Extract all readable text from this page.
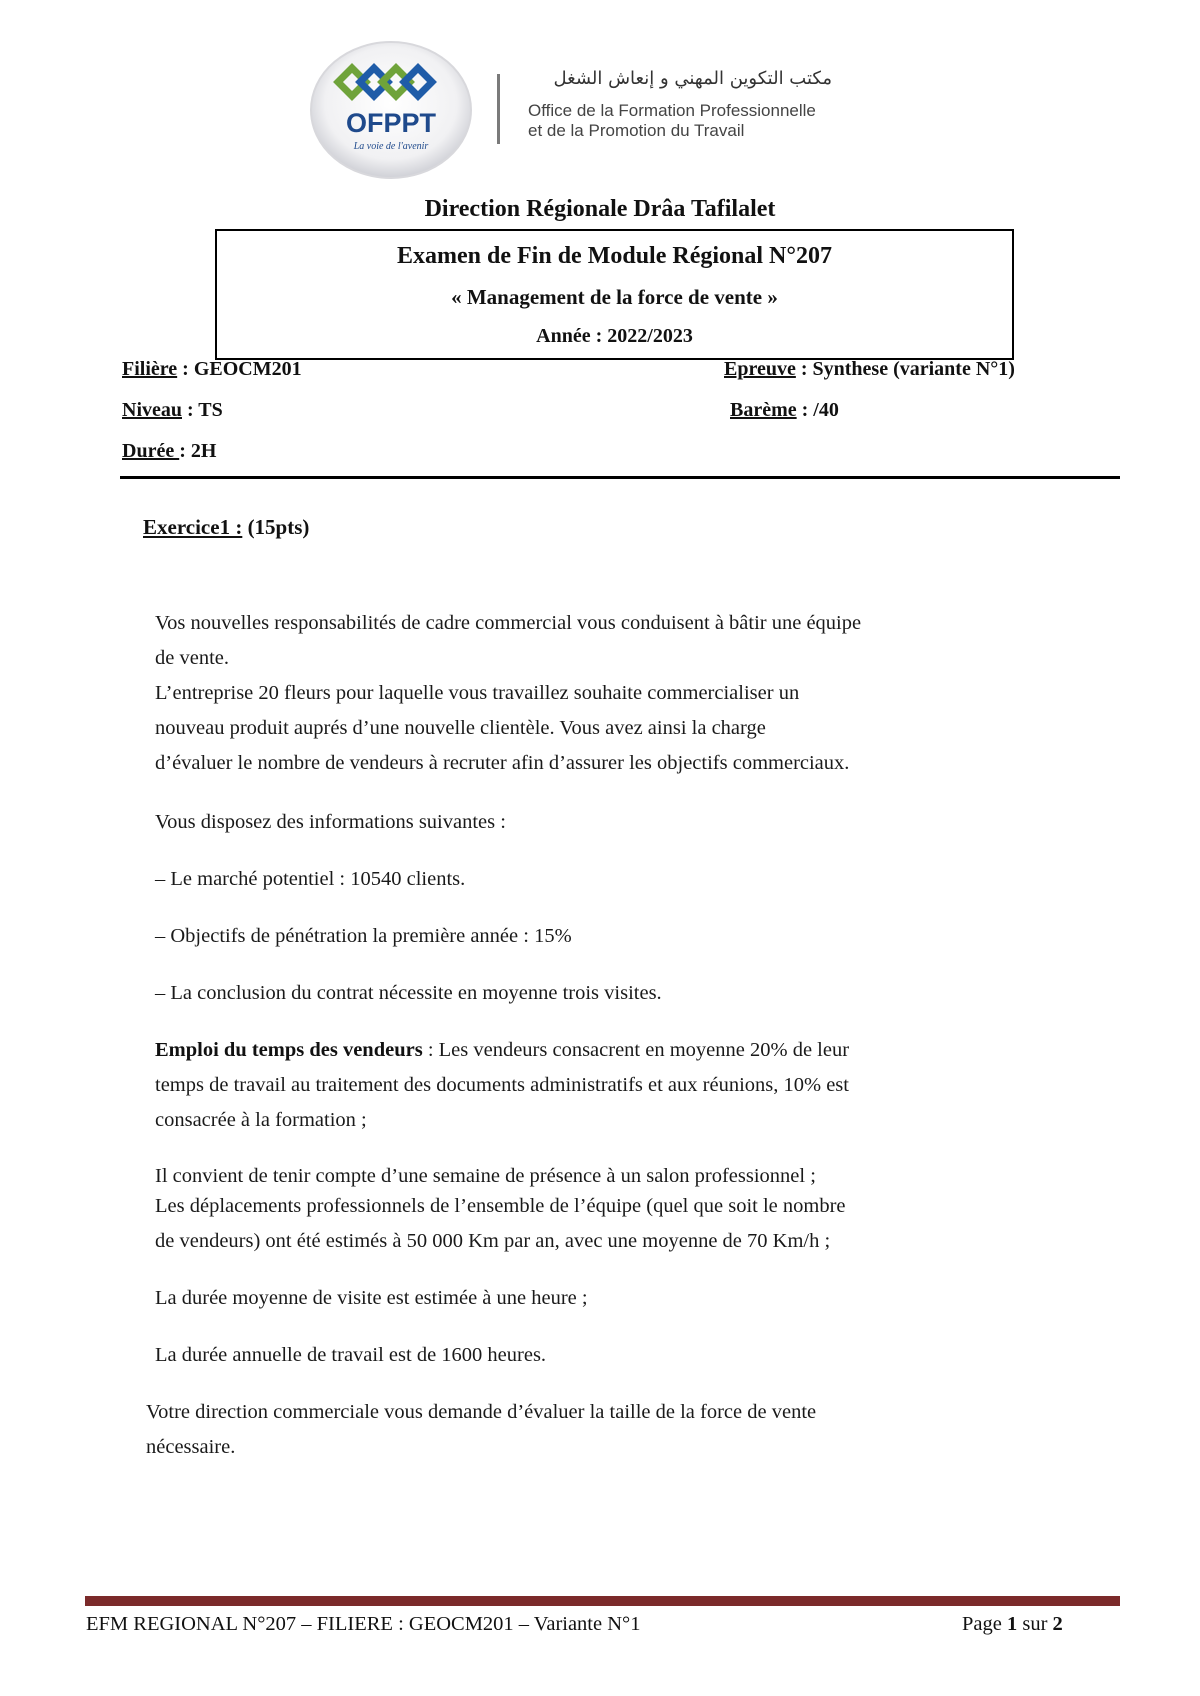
OFPPT
La voie de l'avenir
مكتب التكوين المهني و إنعاش الشغل
Office de la Formation Professionnelle
et de la Promotion du Travail
Direction Régionale Drâa Tafilalet
Examen de Fin de Module Régional N°207
« Management de la force de vente »
Année : 2022/2023
Filière : GEOCM201	Epreuve : Synthese (variante N°1)
Niveau : TS	Barème : /40
Durée : 2H
Exercice1 : (15pts)
Vos nouvelles responsabilités de cadre commercial vous conduisent à bâtir une équipe
de vente.
L’entreprise 20 fleurs pour laquelle vous travaillez souhaite commercialiser un
nouveau produit auprés d’une nouvelle clientèle. Vous avez ainsi la charge
d’évaluer le nombre de vendeurs à recruter afin d’assurer les objectifs commerciaux.
Vous disposez des informations suivantes :
– Le marché potentiel : 10540 clients.
– Objectifs de pénétration la première année : 15%
– La conclusion du contrat nécessite en moyenne trois visites.
Emploi du temps des vendeurs : Les vendeurs consacrent en moyenne 20% de leur
temps de travail au traitement des documents administratifs et aux réunions, 10% est
consacrée à la formation ;
Il convient de tenir compte d’une semaine de présence à un salon professionnel ;
Les déplacements professionnels de l’ensemble de l’équipe (quel que soit le nombre
de vendeurs) ont été estimés à 50 000 Km par an, avec une moyenne de 70 Km/h ;
La durée moyenne de visite est estimée à une heure ;
La durée annuelle de travail est de 1600 heures.
Votre direction commerciale vous demande d’évaluer la taille de la force de vente
nécessaire.
EFM REGIONAL N°207 – FILIERE : GEOCM201 – Variante N°1	Page 1 sur 2
